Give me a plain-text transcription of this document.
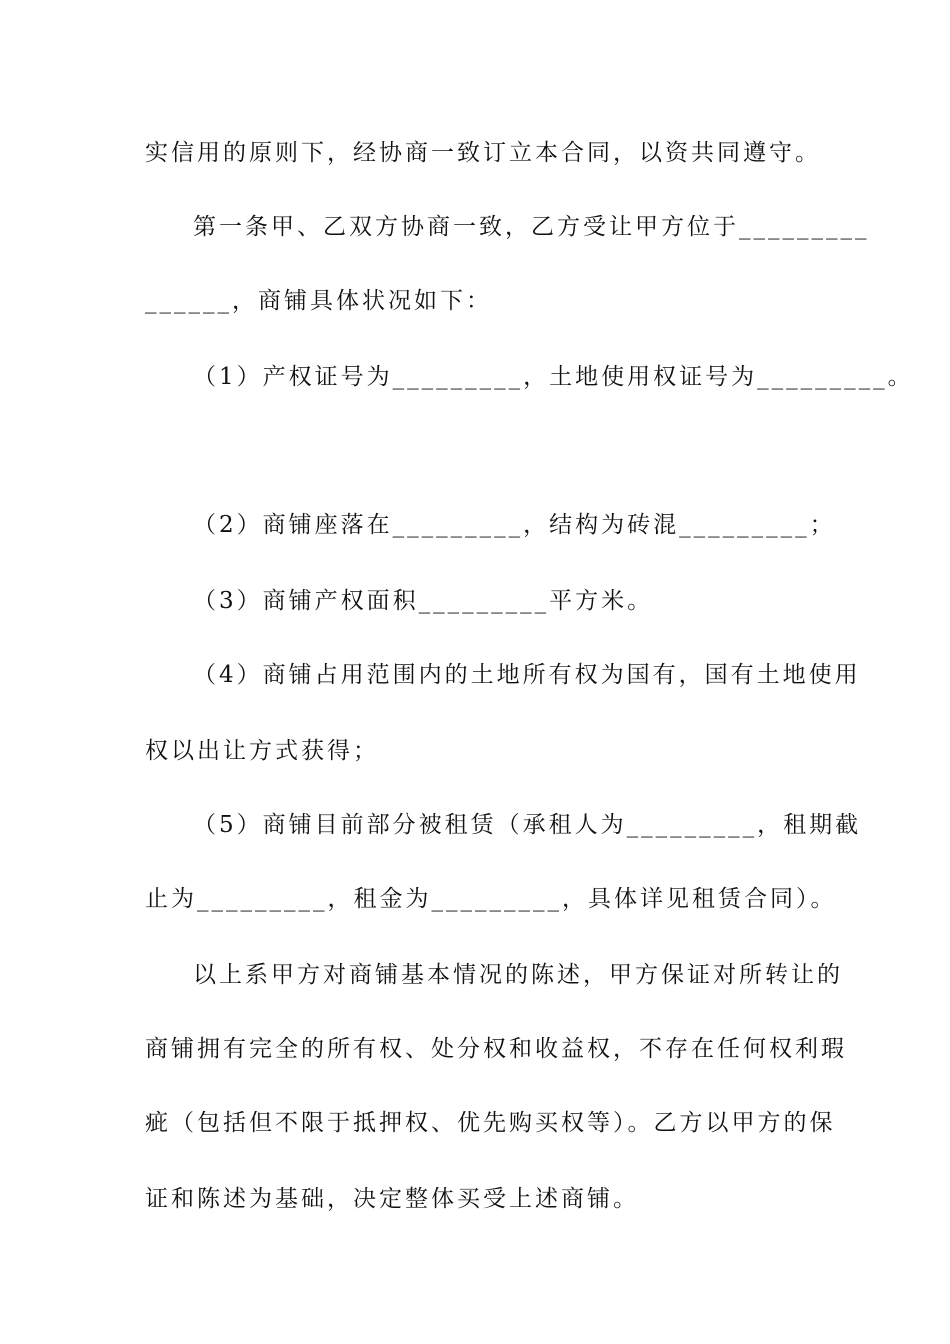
实信用的原则下，经协商一致订立本合同，以资共同遵守。
第一条甲、乙双方协商一致，乙方受让甲方位于_________
______，商铺具体状况如下：
（1）产权证号为_________，土地使用权证号为_________。
（2）商铺座落在_________，结构为砖混_________；
（3）商铺产权面积_________平方米。
（4）商铺占用范围内的土地所有权为国有，国有土地使用
权以出让方式获得；
（5）商铺目前部分被租赁（承租人为_________，租期截
止为_________，租金为_________，具体详见租赁合同）。
以上系甲方对商铺基本情况的陈述，甲方保证对所转让的
商铺拥有完全的所有权、处分权和收益权，不存在任何权利瑕
疵（包括但不限于抵押权、优先购买权等）。乙方以甲方的保
证和陈述为基础，决定整体买受上述商铺。
